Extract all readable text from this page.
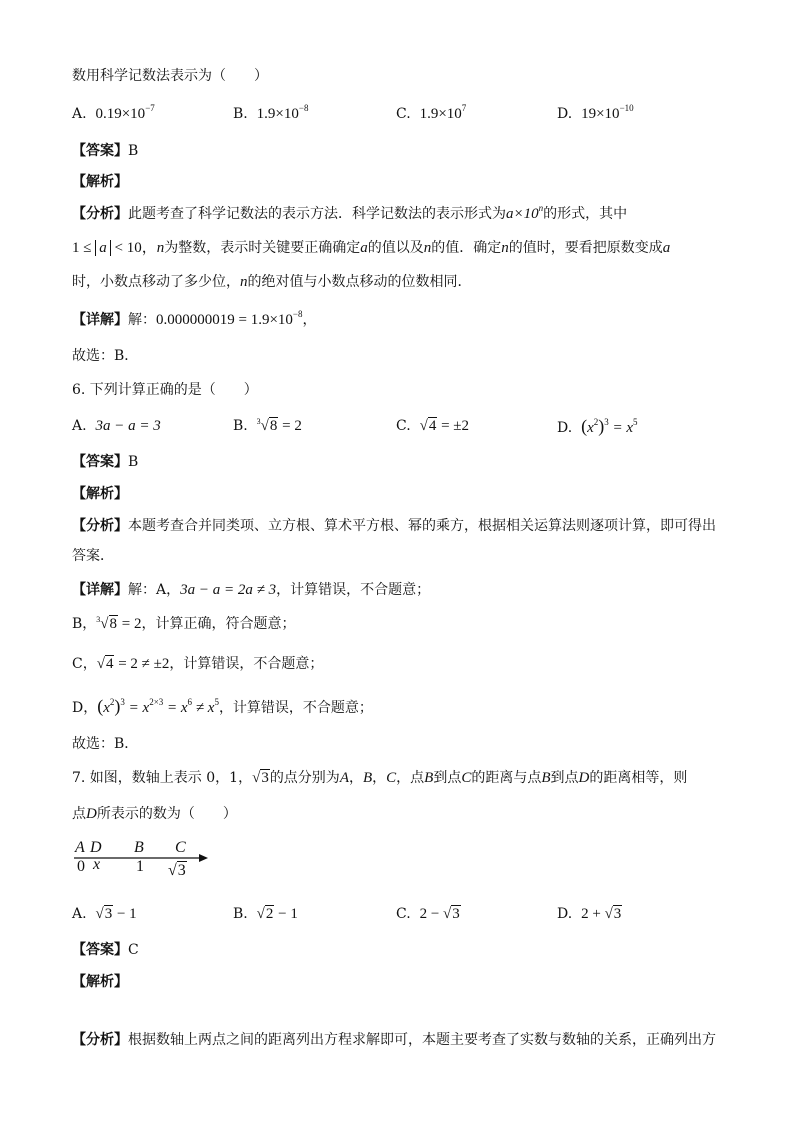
数用科学记数法表示为（　　）
A. $0.19\times 10^{-7}$	B. $1.9\times 10^{-8}$	C. $1.9\times 10^7$	D. $19\times 10^{-10}$
【答案】B
【解析】
【分析】此题考查了科学记数法的表示方法．科学记数法的表示形式为$a\times 10^n$的形式，其中
1 ≤ a < 10，n为整数，表示时关键要正确确定a的值以及n的值．确定n的值时，要看把原数变成a
时，小数点移动了多少位，n的绝对值与小数点移动的位数相同．
【详解】解：$0.000000019 = 1.9\times 10^{-8}$，
故选：B．
6. 下列计算正确的是（　　）
A. 3a − a = 3	B. $^3$√8 = 2	C. √4 = ±2	D. $(x^2)^3 = x^5$
【答案】B
【解析】
【分析】本题考查合并同类项、立方根、算术平方根、幂的乘方，根据相关运算法则逐项计算，即可得出
答案．
【详解】解：A，3a − a = 2a ≠ 3，计算错误，不合题意；
B，$^3$√8 = 2，计算正确，符合题意；
C，√4 = 2 ≠ ±2，计算错误，不合题意；
D，$(x^2)^3 = x^{2\times 3} = x^6 \ne x^5$，计算错误，不合题意；
故选：B．
7. 如图，数轴上表示 0，1，√3的点分别为A，B，C，点B到点C的距离与点B到点D的距离相等，则
点D所表示的数为（　　）
A D B C
0 x 1 √3
A. √3 − 1	B. √2 − 1	C. 2 − √3	D. 2 + √3
【答案】C
【解析】
【分析】根据数轴上两点之间的距离列出方程求解即可，本题主要考查了实数与数轴的关系，正确列出方
